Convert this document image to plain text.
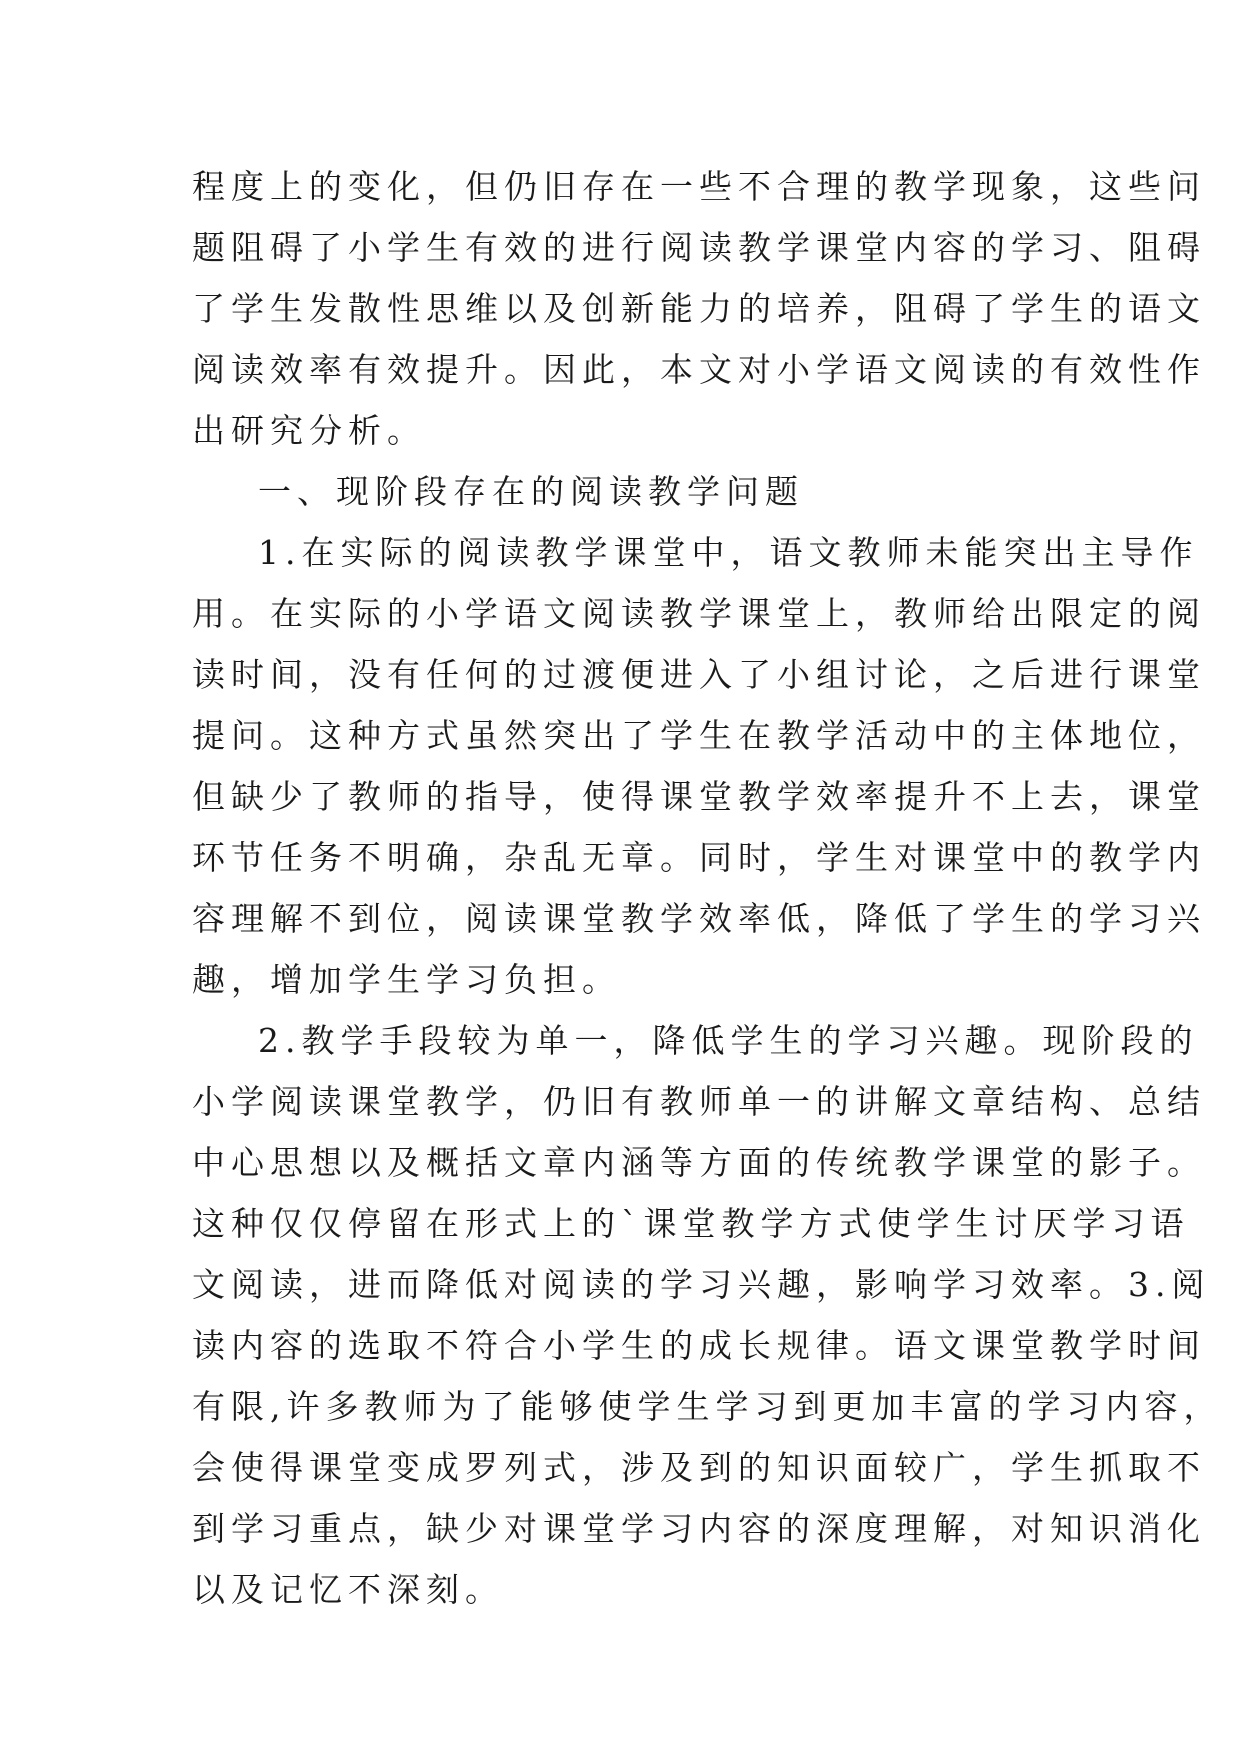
程度上的变化，但仍旧存在一些不合理的教学现象，这些问
题阻碍了小学生有效的进行阅读教学课堂内容的学习、阻碍
了学生发散性思维以及创新能力的培养，阻碍了学生的语文
阅读效率有效提升。因此，本文对小学语文阅读的有效性作
出研究分析。
一、现阶段存在的阅读教学问题
1.在实际的阅读教学课堂中，语文教师未能突出主导作
用。在实际的小学语文阅读教学课堂上，教师给出限定的阅
读时间，没有任何的过渡便进入了小组讨论，之后进行课堂
提问。这种方式虽然突出了学生在教学活动中的主体地位，
但缺少了教师的指导，使得课堂教学效率提升不上去，课堂
环节任务不明确，杂乱无章。同时，学生对课堂中的教学内
容理解不到位，阅读课堂教学效率低，降低了学生的学习兴
趣，增加学生学习负担。
2.教学手段较为单一，降低学生的学习兴趣。现阶段的
小学阅读课堂教学，仍旧有教师单一的讲解文章结构、总结
中心思想以及概括文章内涵等方面的传统教学课堂的影子。
这种仅仅停留在形式上的`课堂教学方式使学生讨厌学习语
文阅读，进而降低对阅读的学习兴趣，影响学习效率。3.阅
读内容的选取不符合小学生的成长规律。语文课堂教学时间
有限,许多教师为了能够使学生学习到更加丰富的学习内容，
会使得课堂变成罗列式，涉及到的知识面较广，学生抓取不
到学习重点，缺少对课堂学习内容的深度理解，对知识消化
以及记忆不深刻。
